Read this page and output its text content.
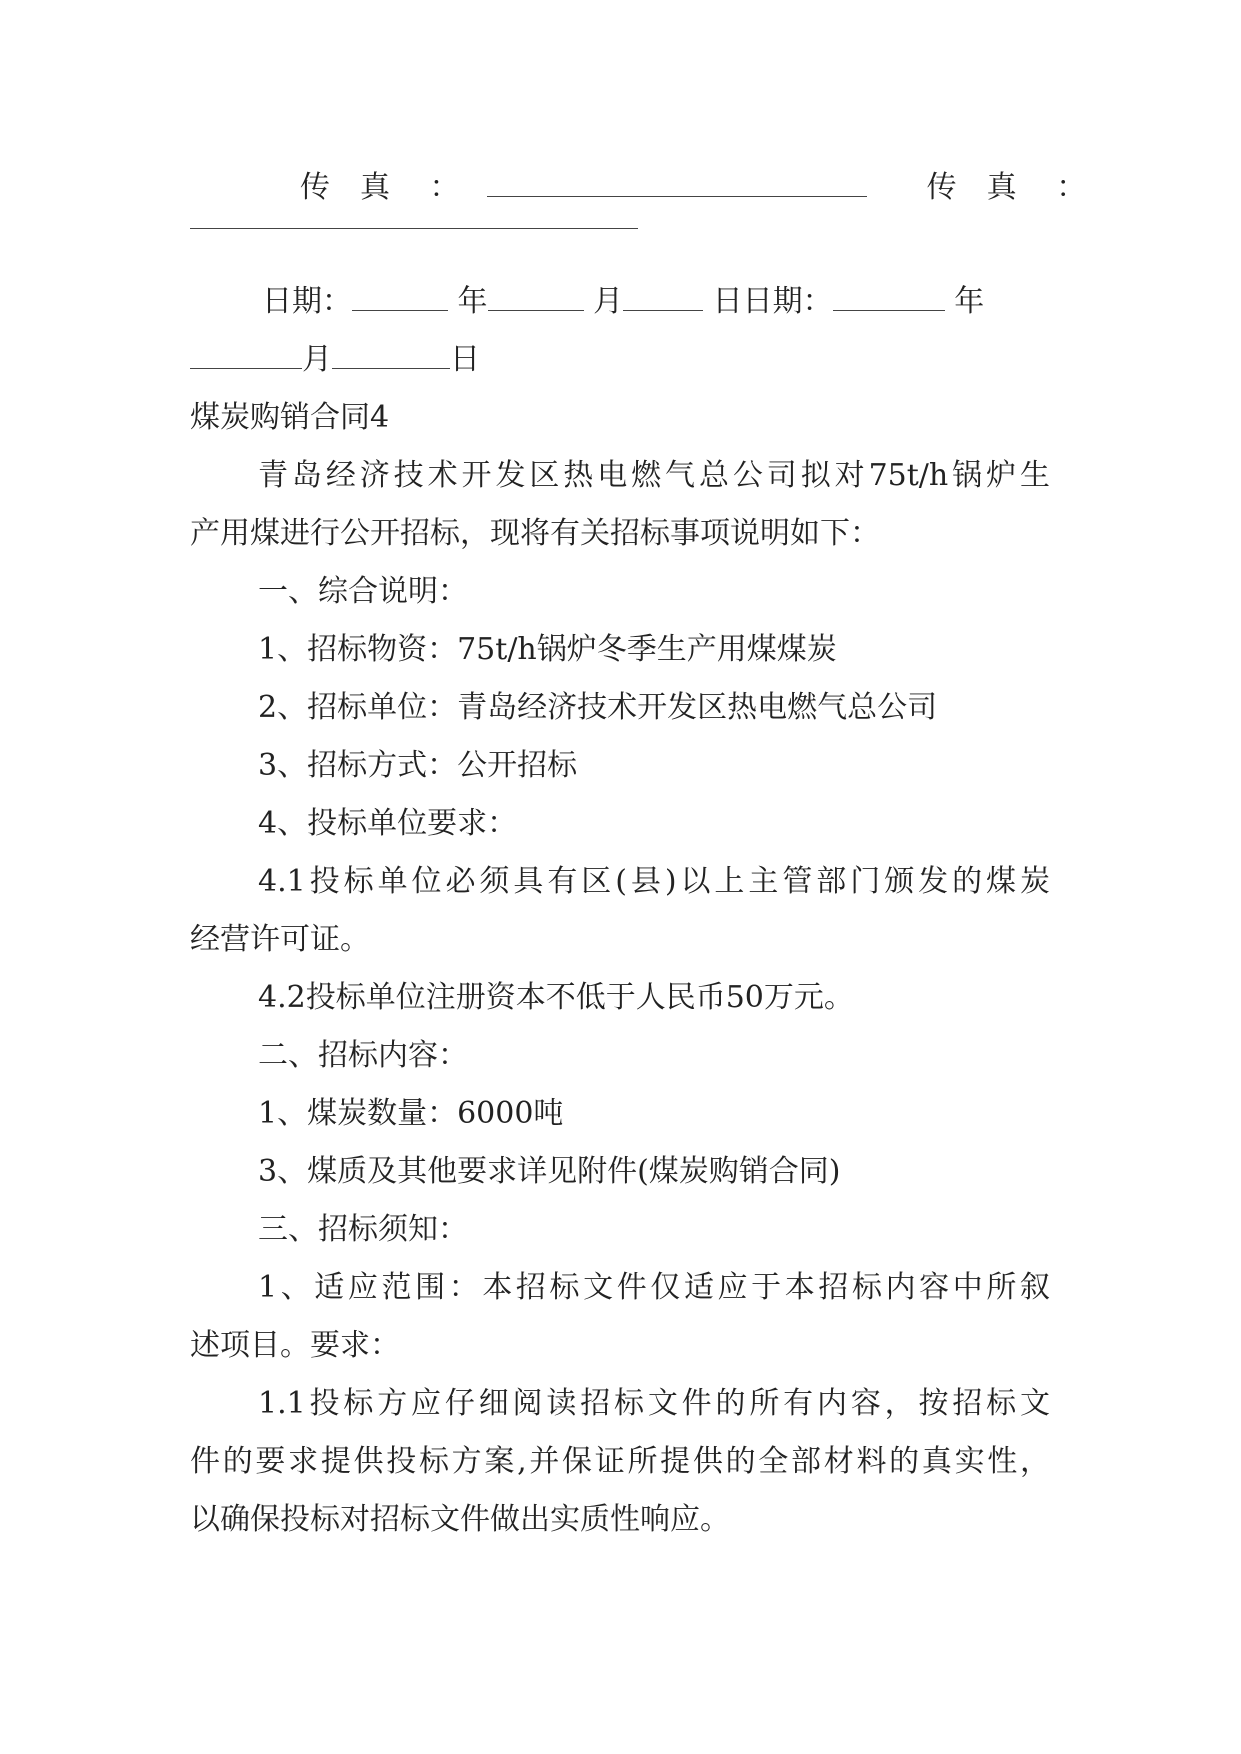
传真 ：	传真 ：
日期：	年	月	日日期：	年
月	日
煤炭购销合同4
青岛经济技术开发区热电燃气总公司拟对75t/h锅炉生
产用煤进行公开招标，现将有关招标事项说明如下：
一、综合说明：
1、招标物资：75t/h锅炉冬季生产用煤煤炭
2、招标单位：青岛经济技术开发区热电燃气总公司
3、招标方式：公开招标
4、投标单位要求：
4.1投标单位必须具有区(县)以上主管部门颁发的煤炭
经营许可证。
4.2投标单位注册资本不低于人民币50万元。
二、招标内容：
1、煤炭数量：6000吨
3、煤质及其他要求详见附件(煤炭购销合同)
三、招标须知：
1、适应范围：本招标文件仅适应于本招标内容中所叙
述项目。要求：
1.1投标方应仔细阅读招标文件的所有内容，按招标文
件的要求提供投标方案,并保证所提供的全部材料的真实性，
以确保投标对招标文件做出实质性响应。
